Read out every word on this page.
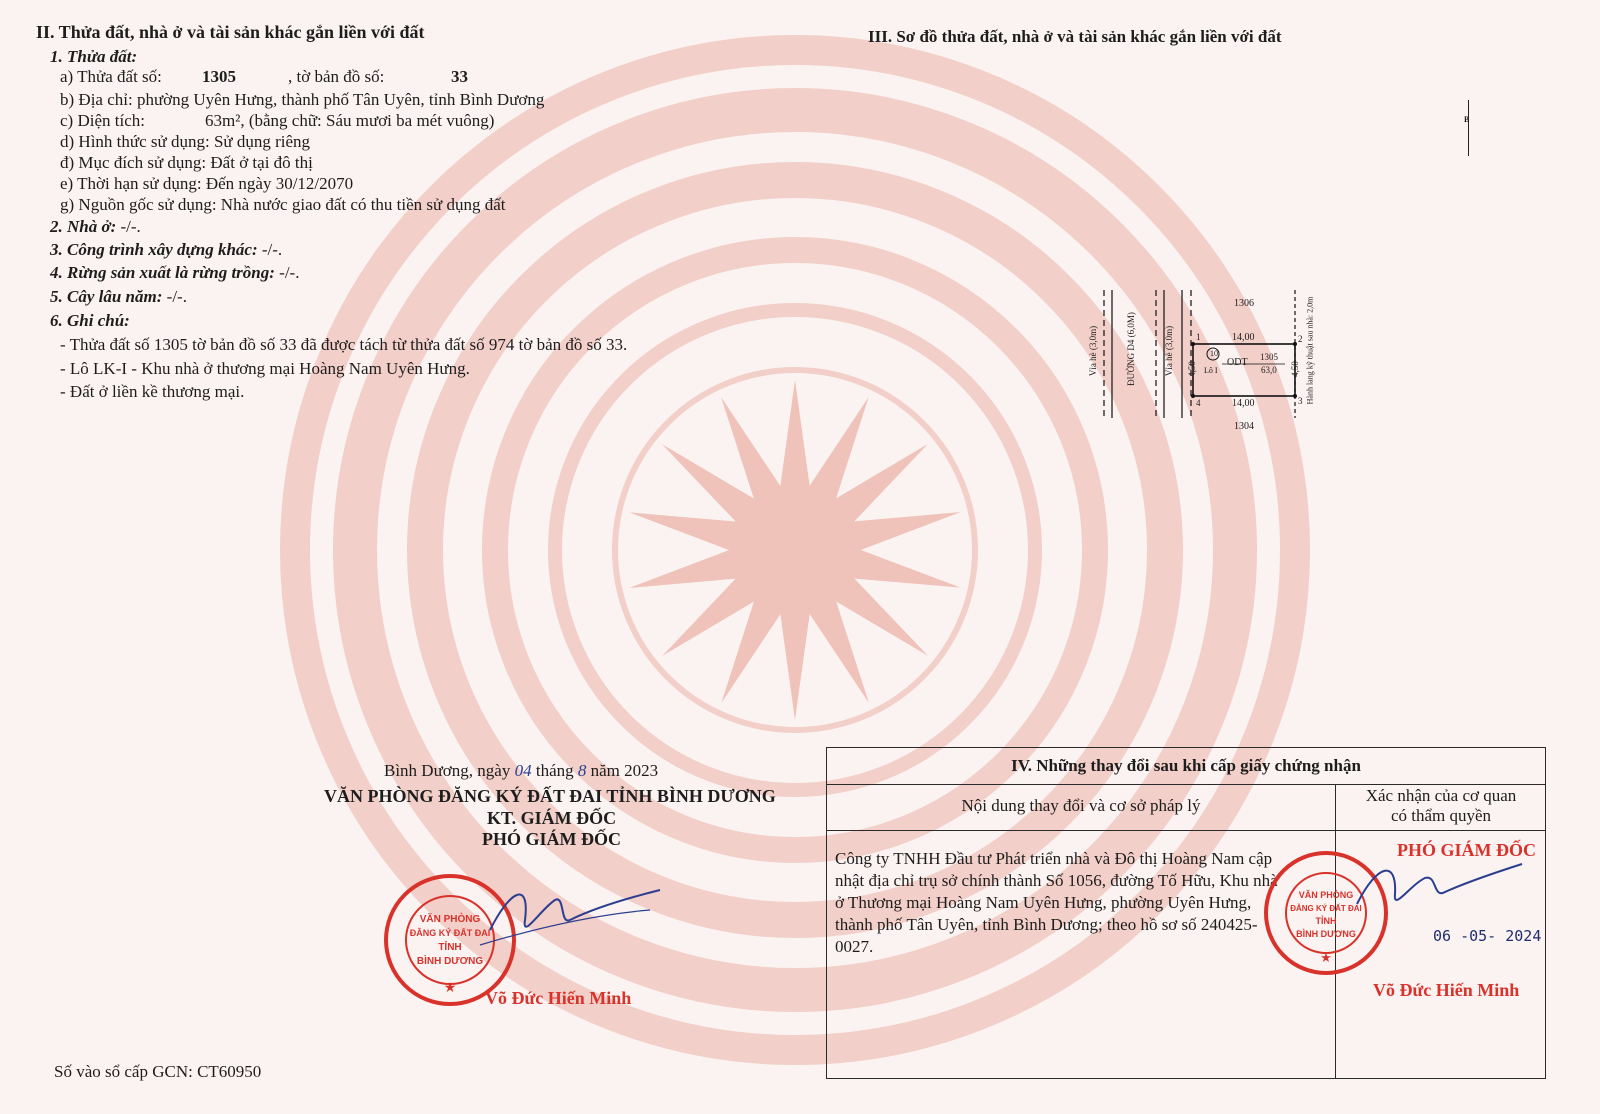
II. Thửa đất, nhà ở và tài sản khác gắn liền với đất
1. Thửa đất:
a) Thửa đất số: 1305	, tờ bản đồ số:	33
b) Địa chỉ: phường Uyên Hưng, thành phố Tân Uyên, tỉnh Bình Dương
c) Diện tích:	63m², (bằng chữ: Sáu mươi ba mét vuông)
d) Hình thức sử dụng: Sử dụng riêng
đ) Mục đích sử dụng: Đất ở tại đô thị
e) Thời hạn sử dụng: Đến ngày 30/12/2070
g) Nguồn gốc sử dụng: Nhà nước giao đất có thu tiền sử dụng đất
2. Nhà ở: -/-.
3. Công trình xây dựng khác: -/-.
4. Rừng sản xuất là rừng trồng: -/-.
5. Cây lâu năm: -/-.
6. Ghi chú:
- Thửa đất số 1305 tờ bản đồ số 33 đã được tách từ thửa đất số 974 tờ bản đồ số 33.
- Lô LK-I - Khu nhà ở thương mại Hoàng Nam Uyên Hưng.
- Đất ở liền kề thương mại.
III. Sơ đồ thửa đất, nhà ở và tài sản khác gắn liền với đất
B
Vỉa hè (3,0m)	ĐƯỜNG D4 (6,0M)	Vỉa hè (3,0m)
1306
1304
Hành lang kỹ thuật sau nhà: 2,0m
14,00
14,00
4,50	4,50
1	2
3
4
10
Lô I
ODT 1305
63,0
Bình Dương, ngày 04 tháng 8 năm 2023
VĂN PHÒNG ĐĂNG KÝ ĐẤT ĐAI TỈNH BÌNH DƯƠNG
KT. GIÁM ĐỐC
PHÓ GIÁM ĐỐC
VĂN PHÒNG
ĐĂNG KÝ ĐẤT ĐAI
TỈNH
BÌNH DƯƠNG
★ Võ Đức Hiến Minh
Số vào sổ cấp GCN: CT60950
IV. Những thay đổi sau khi cấp giấy chứng nhận
Nội dung thay đổi và cơ sở pháp lý
Xác nhận của cơ quan
có thẩm quyền
Công ty TNHH Đầu tư Phát triển nhà và Đô thị Hoàng Nam cập
nhật địa chỉ trụ sở chính thành Số 1056, đường Tố Hữu, Khu nhà
ở Thương mại Hoàng Nam Uyên Hưng, phường Uyên Hưng,
thành phố Tân Uyên, tỉnh Bình Dương; theo hồ sơ số 240425-
0027.
PHÓ GIÁM ĐỐC
VĂN PHÒNG
ĐĂNG KÝ ĐẤT ĐAI
TỈNH
BÌNH DƯƠNG
★
06 -05- 2024
Võ Đức Hiến Minh
